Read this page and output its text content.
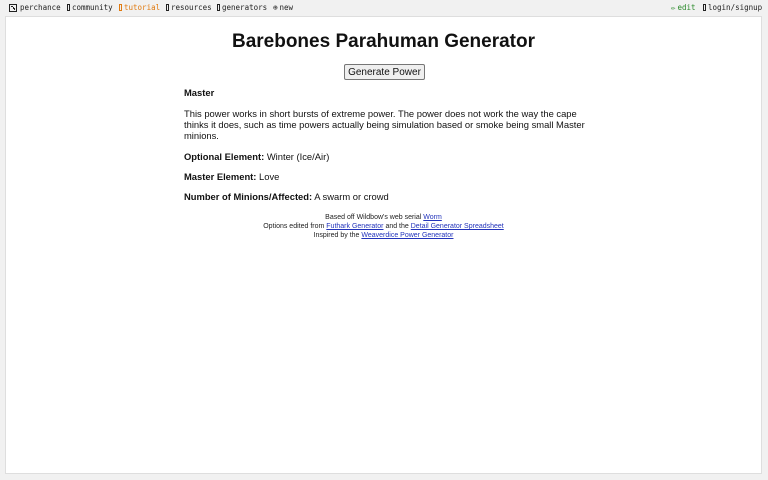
perchance community tutorial resources generators ⊕ new	✏ edit login/signup
Barebones Parahuman Generator
Generate Power

Master

This power works in short bursts of extreme power. The power does not work the way the cape thinks it does, such as time powers actually being simulation based or smoke being small Master minions.

Optional Element: Winter (Ice/Air)

Master Element: Love

Number of Minions/Affected: A swarm or crowd

Based off Wildbow's web serial Worm
Options edited from Futhark Generator and the Detail Generator Spreadsheet
Inspired by the Weaverdice Power Generator
